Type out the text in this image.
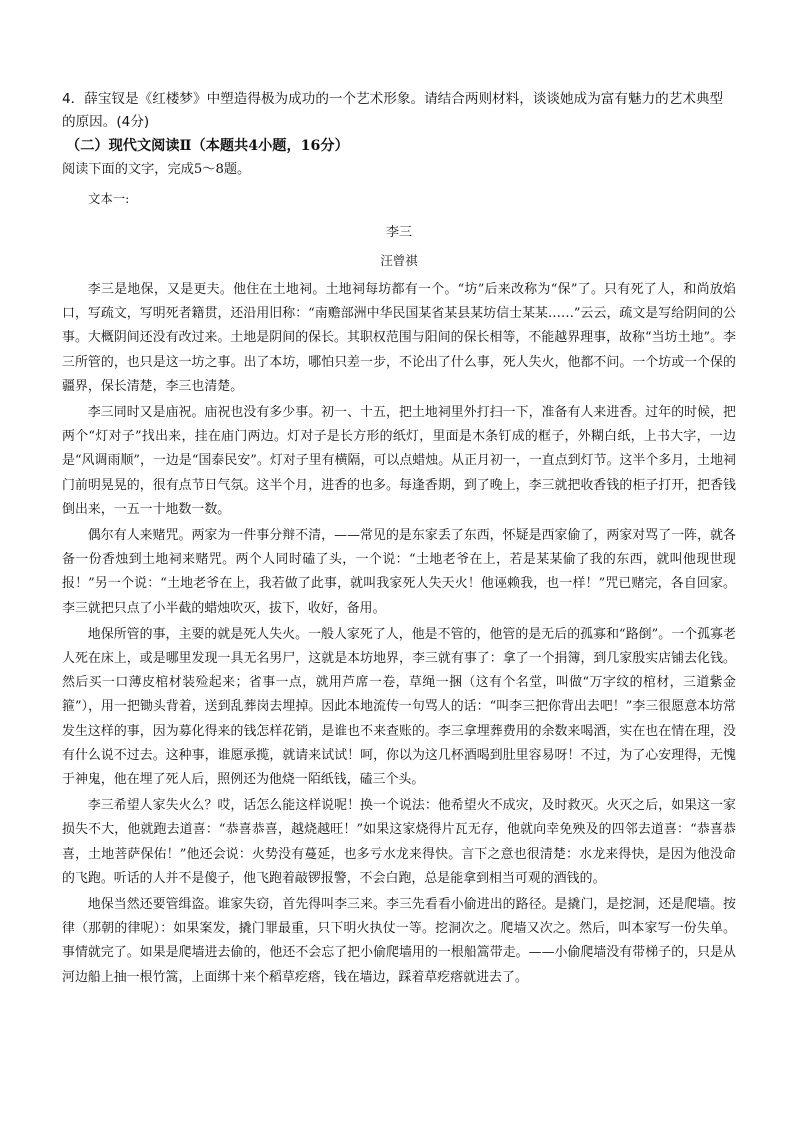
4．薛宝钗是《红楼梦》中塑造得极为成功的一个艺术形象。请结合两则材料，谈谈她成为富有魅力的艺术典型的原因。(4分)

（二）现代文阅读Ⅱ（本题共4小题，16分）

阅读下面的文字，完成5～8题。

文本一:

李三

汪曾祺

李三是地保，又是更夫。他住在土地祠。土地祠每坊都有一个。“坊”后来改称为“保”了。只有死了人，和尚放焰口，写疏文，写明死者籍贯，还沿用旧称：“南赡部洲中华民国某省某县某坊信士某某……”云云，疏文是写给阴间的公事。大概阴间还没有改过来。土地是阴间的保长。其职权范围与阳间的保长相等，不能越界理事，故称“当坊土地”。李三所管的，也只是这一坊之事。出了本坊，哪怕只差一步，不论出了什么事，死人失火，他都不问。一个坊或一个保的疆界，保长清楚，李三也清楚。

李三同时又是庙祝。庙祝也没有多少事。初一、十五，把土地祠里外打扫一下，准备有人来进香。过年的时候，把两个“灯对子”找出来，挂在庙门两边。灯对子是长方形的纸灯，里面是木条钉成的框子，外糊白纸，上书大字，一边是“风调雨顺”，一边是“国泰民安”。灯对子里有横隔，可以点蜡烛。从正月初一，一直点到灯节。这半个多月，土地祠门前明晃晃的，很有点节日气氛。这半个月，进香的也多。每逢香期，到了晚上，李三就把收香钱的柜子打开，把香钱倒出来，一五一十地数一数。

偶尔有人来赌咒。两家为一件事分辩不清，——常见的是东家丢了东西，怀疑是西家偷了，两家对骂了一阵，就各备一份香烛到土地祠来赌咒。两个人同时磕了头，一个说：“土地老爷在上，若是某某偷了我的东西，就叫他现世现报！”另一个说：“土地老爷在上，我若做了此事，就叫我家死人失天火！他诬赖我，也一样！”咒已赌完，各自回家。李三就把只点了小半截的蜡烛吹灭，拔下，收好，备用。

地保所管的事，主要的就是死人失火。一般人家死了人，他是不管的，他管的是无后的孤寡和“路倒”。一个孤寡老人死在床上，或是哪里发现一具无名男尸，这就是本坊地界，李三就有事了：拿了一个捐簿，到几家殷实店铺去化钱。然后买一口薄皮棺材装殓起来；省事一点，就用芦席一卷，草绳一捆（这有个名堂，叫做“万字纹的棺材，三道紫金箍”），用一把锄头背着，送到乱葬岗去埋掉。因此本地流传一句骂人的话：“叫李三把你背出去吧！”李三很愿意本坊常发生这样的事，因为募化得来的钱怎样花销，是谁也不来查账的。李三拿埋葬费用的余数来喝酒，实在也在情在理，没有什么说不过去。这种事，谁愿承揽，就请来试试！呵，你以为这几杯酒喝到肚里容易呀！不过，为了心安理得，无愧于神鬼，他在埋了死人后，照例还为他烧一陌纸钱，磕三个头。

李三希望人家失火么？哎，话怎么能这样说呢！换一个说法：他希望火不成灾，及时救灭。火灭之后，如果这一家损失不大，他就跑去道喜：“恭喜恭喜，越烧越旺！”如果这家烧得片瓦无存，他就向幸免殃及的四邻去道喜：“恭喜恭喜，土地菩萨保佑！”他还会说：火势没有蔓延，也多亏水龙来得快。言下之意也很清楚：水龙来得快，是因为他没命的飞跑。听话的人并不是傻子，他飞跑着敲锣报警，不会白跑，总是能拿到相当可观的酒钱的。

地保当然还要管缉盗。谁家失窃，首先得叫李三来。李三先看看小偷进出的路径。是撬门，是挖洞，还是爬墙。按律（那朝的律呢）：如果案发，撬门罪最重，只下明火执仗一等。挖洞次之。爬墙又次之。然后，叫本家写一份失单。事情就完了。如果是爬墙进去偷的，他还不会忘了把小偷爬墙用的一根船篙带走。——小偷爬墙没有带梯子的，只是从河边船上抽一根竹篙，上面绑十来个稻草疙瘩，钱在墙边，踩着草疙瘩就进去了。
